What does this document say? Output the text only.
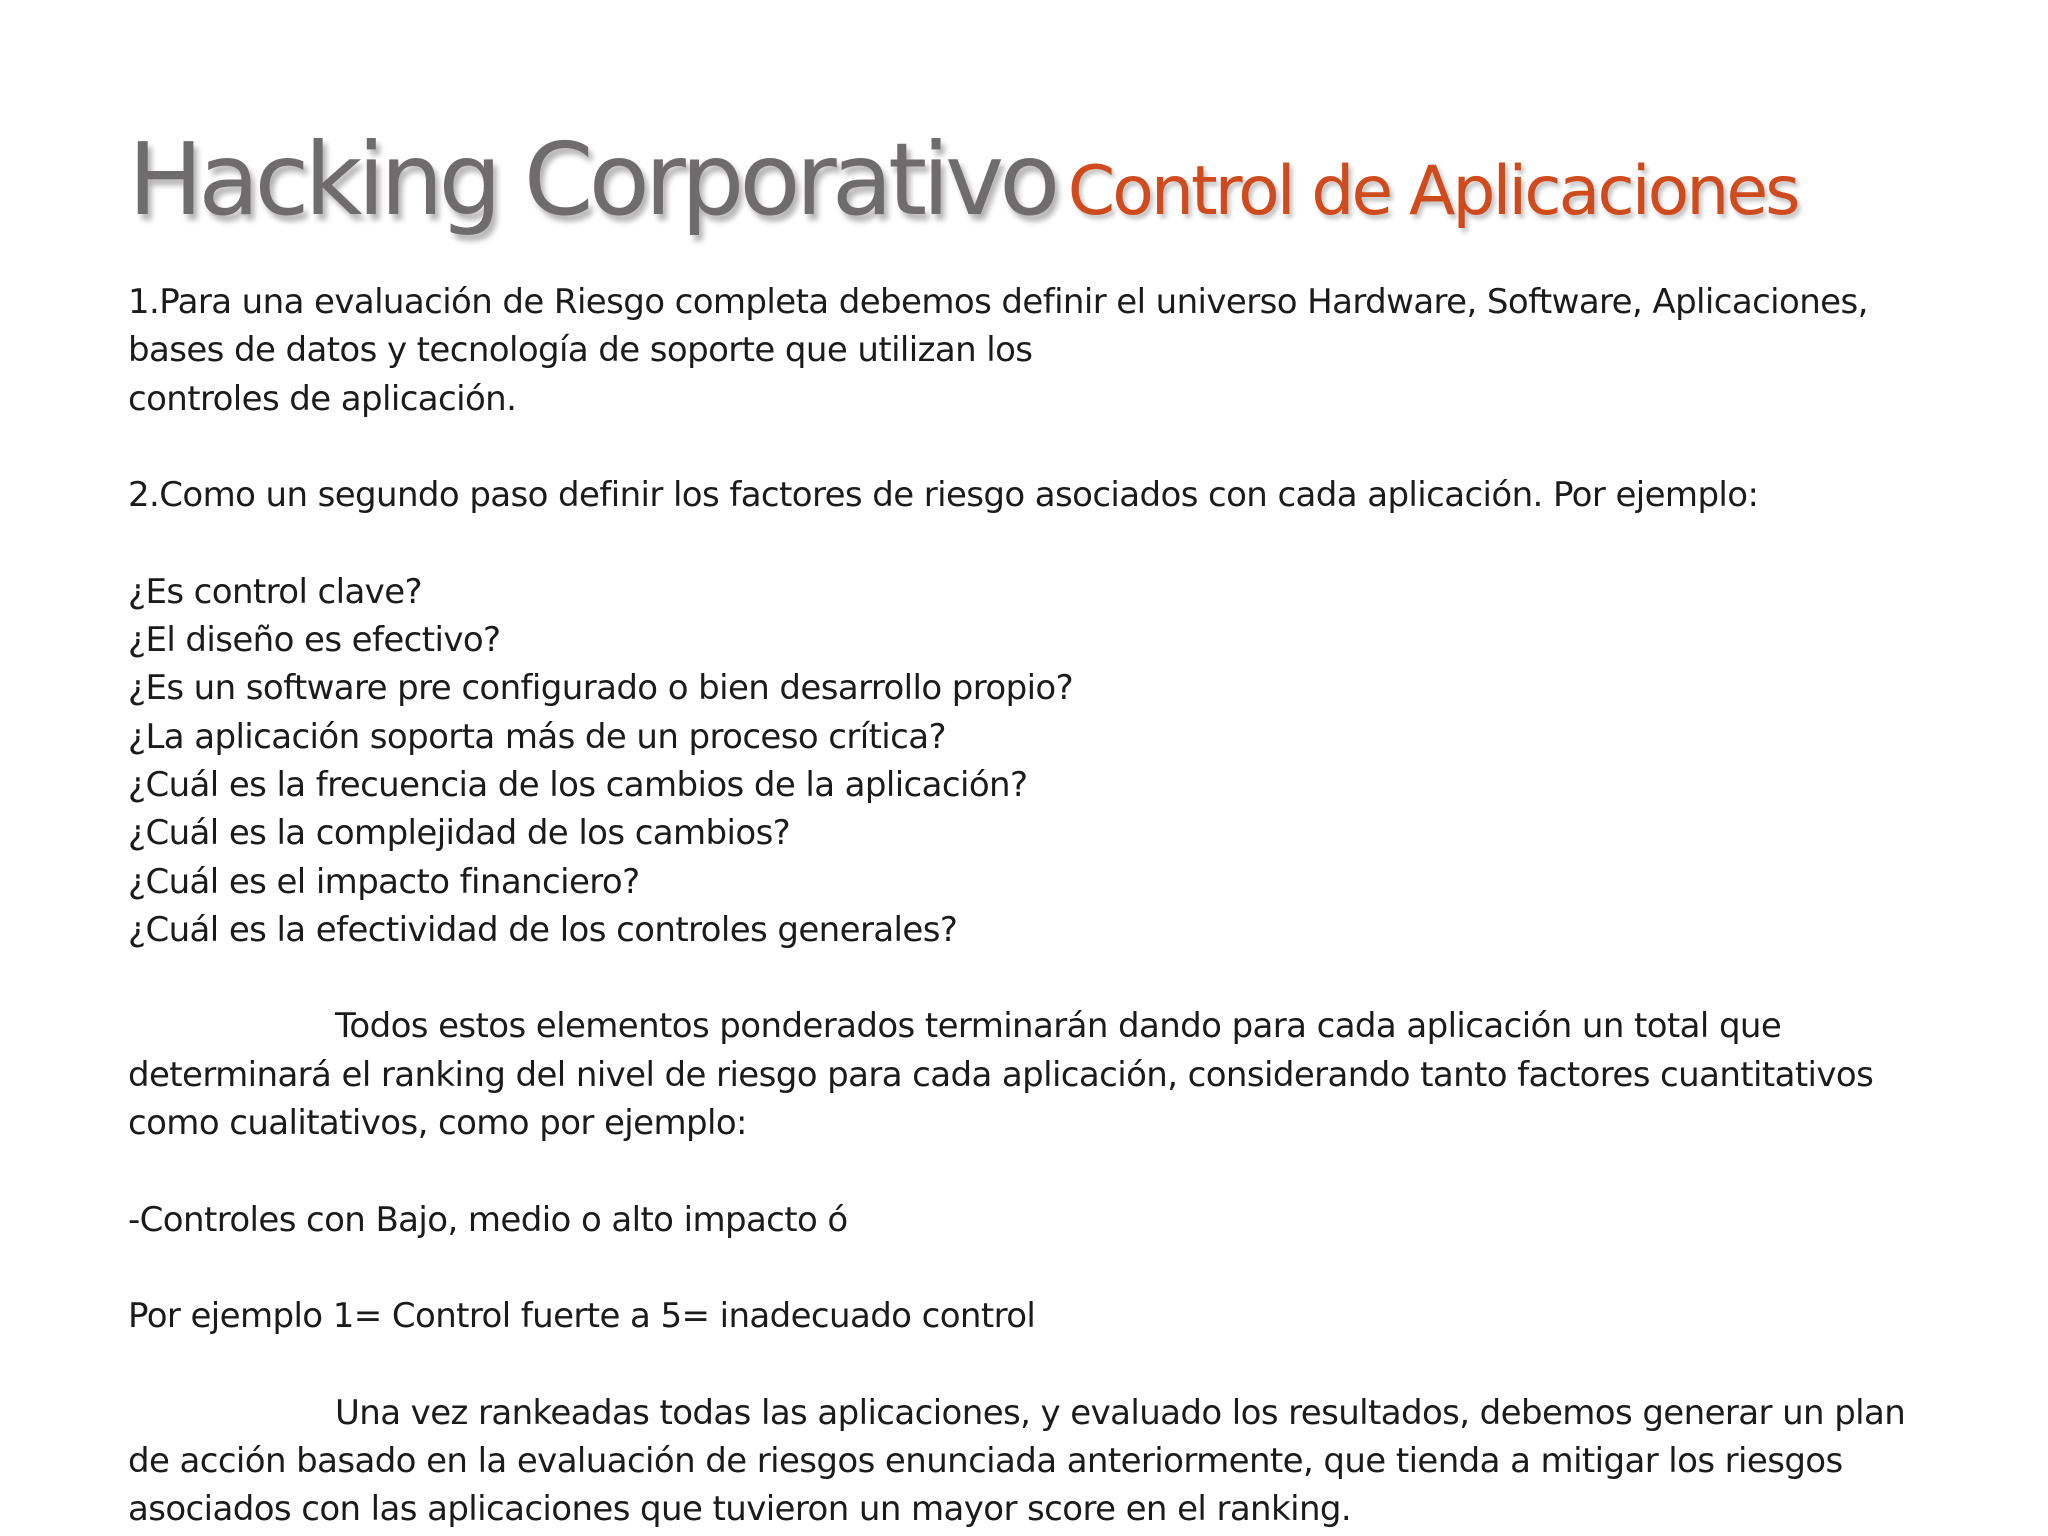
Hacking Corporativo Control de Aplicaciones

1.Para una evaluación de Riesgo completa debemos definir el universo Hardware, Software, Aplicaciones,

bases de datos y tecnología de soporte que utilizan los

controles de aplicación.

2.Como un segundo paso definir los factores de riesgo asociados con cada aplicación. Por ejemplo:

¿Es control clave?

¿El diseño es efectivo?

¿Es un software pre configurado o bien desarrollo propio?

¿La aplicación soporta más de un proceso crítica?

¿Cuál es la frecuencia de los cambios de la aplicación?

¿Cuál es la complejidad de los cambios?

¿Cuál es el impacto financiero?

¿Cuál es la efectividad de los controles generales?

Todos estos elementos ponderados terminarán dando para cada aplicación un total que determinará el ranking del nivel de riesgo para cada aplicación, considerando tanto factores cuantitativos como cualitativos, como por ejemplo:

-Controles con Bajo, medio o alto impacto ó

Por ejemplo 1= Control fuerte a 5= inadecuado control

Una vez rankeadas todas las aplicaciones, y evaluado los resultados, debemos generar un plan de acción basado en la evaluación de riesgos enunciada anteriormente, que tienda a mitigar los riesgos asociados con las aplicaciones que tuvieron un mayor score en el ranking.
